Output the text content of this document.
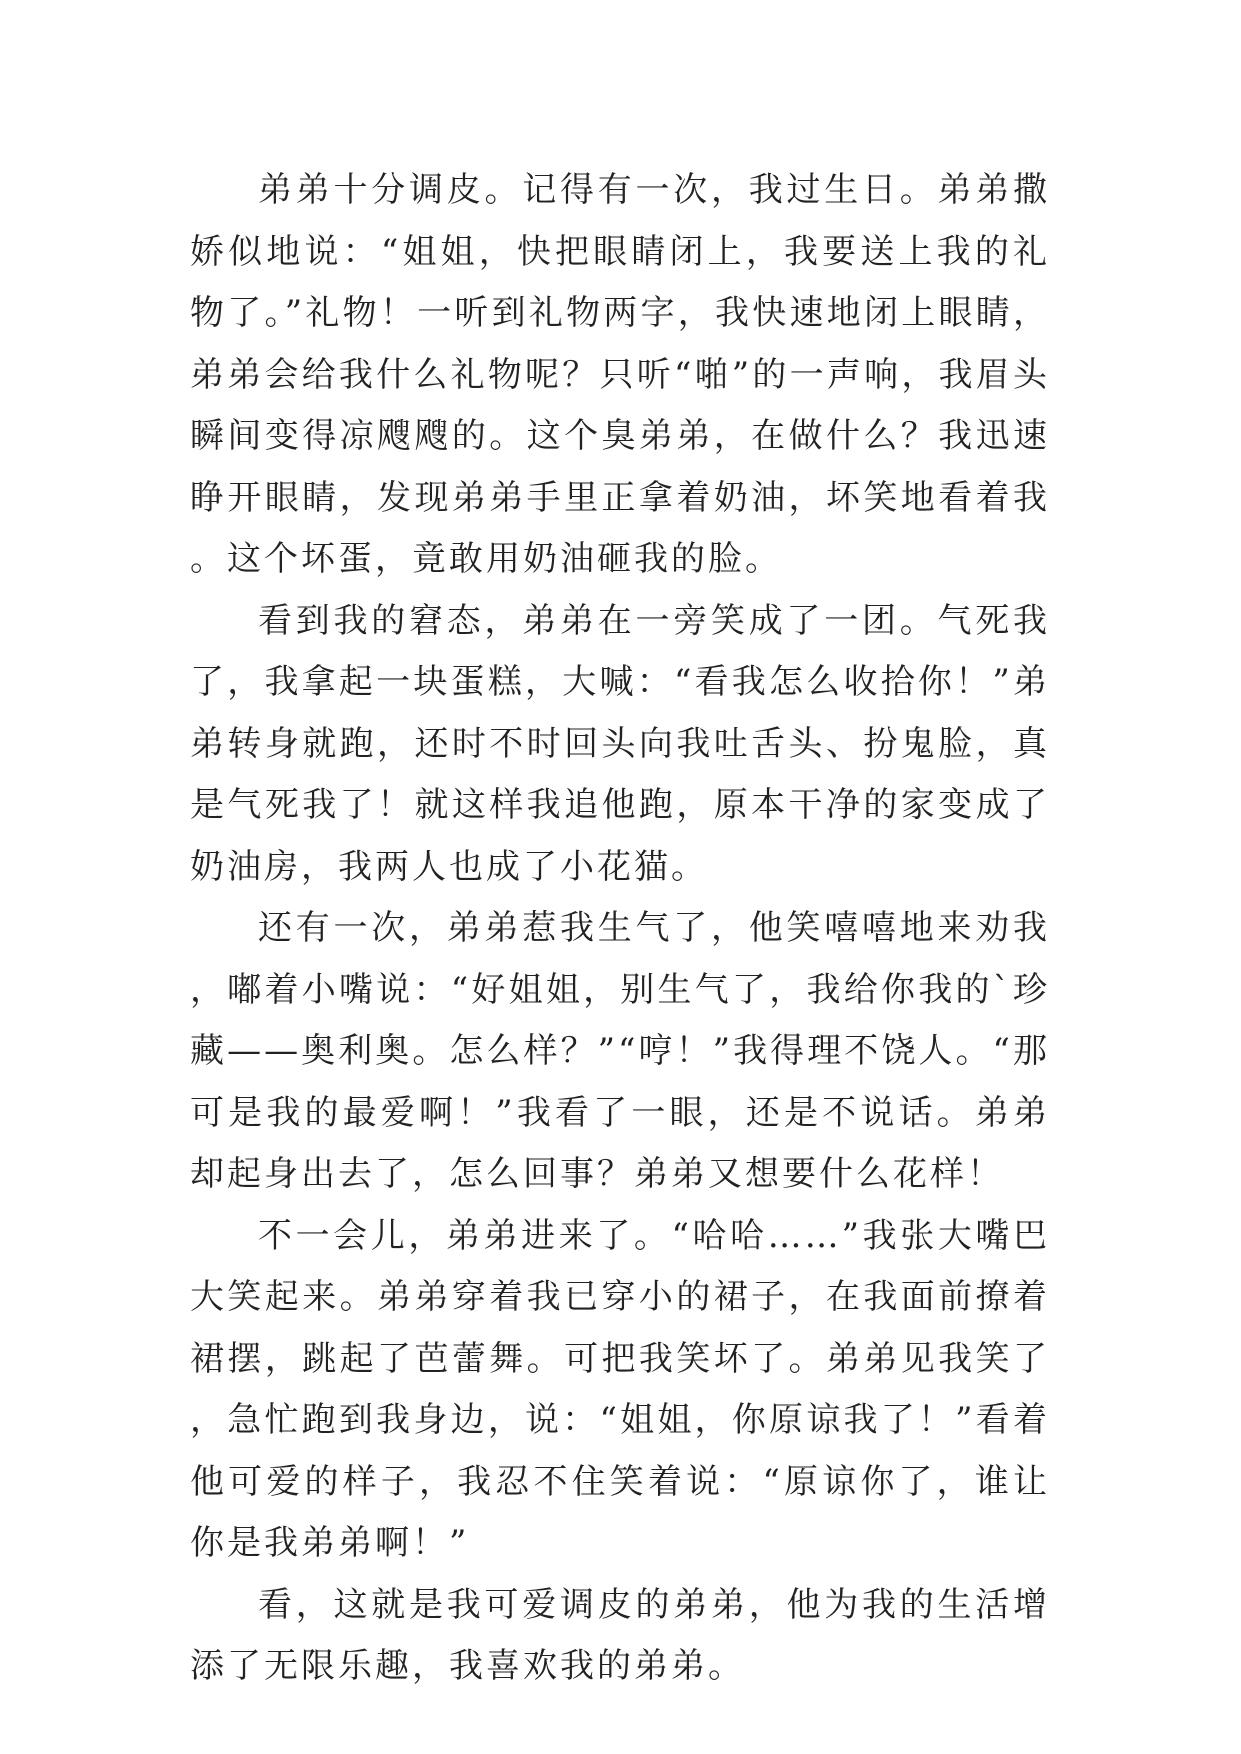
弟弟十分调皮。记得有一次，我过生日。弟弟撒娇似地说：“姐姐，快把眼睛闭上，我要送上我的礼物了。”礼物！一听到礼物两字，我快速地闭上眼睛，弟弟会给我什么礼物呢？只听“啪”的一声响，我眉头瞬间变得凉飕飕的。这个臭弟弟，在做什么？我迅速睁开眼睛，发现弟弟手里正拿着奶油，坏笑地看着我。这个坏蛋，竟敢用奶油砸我的脸。

看到我的窘态，弟弟在一旁笑成了一团。气死我了，我拿起一块蛋糕，大喊：“看我怎么收拾你！”弟弟转身就跑，还时不时回头向我吐舌头、扮鬼脸，真是气死我了！就这样我追他跑，原本干净的家变成了奶油房，我两人也成了小花猫。

还有一次，弟弟惹我生气了，他笑嘻嘻地来劝我，嘟着小嘴说：“好姐姐，别生气了，我给你我的`珍藏——奥利奥。怎么样？”“哼！”我得理不饶人。“那可是我的最爱啊！”我看了一眼，还是不说话。弟弟却起身出去了，怎么回事？弟弟又想要什么花样！

不一会儿，弟弟进来了。“哈哈……”我张大嘴巴大笑起来。弟弟穿着我已穿小的裙子，在我面前撩着裙摆，跳起了芭蕾舞。可把我笑坏了。弟弟见我笑了，急忙跑到我身边，说：“姐姐，你原谅我了！”看着他可爱的样子，我忍不住笑着说：“原谅你了，谁让你是我弟弟啊！”

看，这就是我可爱调皮的弟弟，他为我的生活增添了无限乐趣，我喜欢我的弟弟。
